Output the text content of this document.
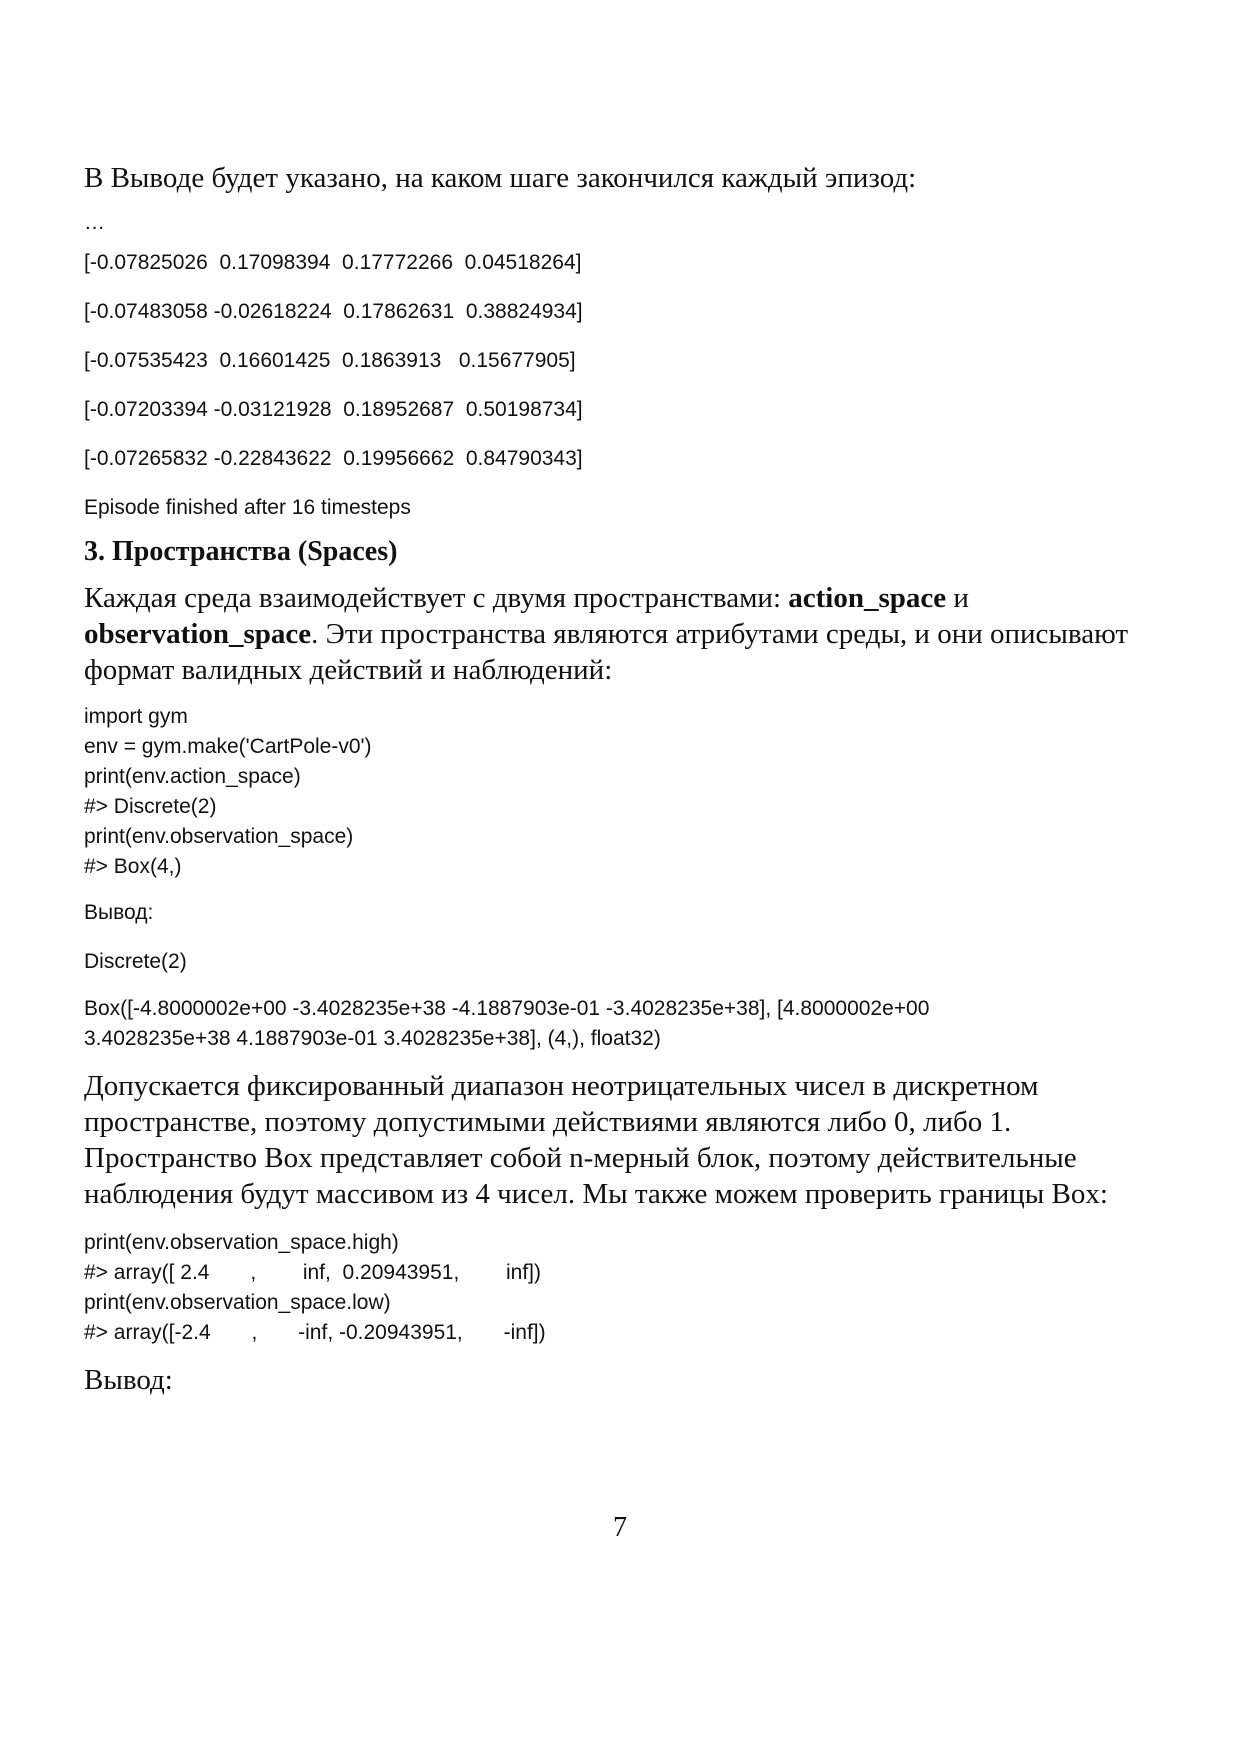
В Выводе будет указано, на каком шаге закончился каждый эпизод:

…

[-0.07825026  0.17098394  0.17772266  0.04518264]

[-0.07483058 -0.02618224  0.17862631  0.38824934]

[-0.07535423  0.16601425  0.1863913   0.15677905]

[-0.07203394 -0.03121928  0.18952687  0.50198734]

[-0.07265832 -0.22843622  0.19956662  0.84790343]

Episode finished after 16 timesteps

3. Пространства (Spaces)

Каждая среда взаимодействует с двумя пространствами: action_space и
observation_space. Эти пространства являются атрибутами среды, и они описывают формат валидных действий и наблюдений:

import gym
env = gym.make('CartPole-v0')
print(env.action_space)
#> Discrete(2)
print(env.observation_space)
#> Box(4,)

Вывод:

Discrete(2)

Box([-4.8000002e+00 -3.4028235e+38 -4.1887903e-01 -3.4028235e+38], [4.8000002e+00
3.4028235e+38 4.1887903e-01 3.4028235e+38], (4,), float32)
Допускается фиксированный диапазон неотрицательных чисел в дискретном
пространстве, поэтому допустимыми действиями являются либо 0, либо 1.
Пространство Box представляет собой n-мерный блок, поэтому действительные
наблюдения будут массивом из 4 чисел. Мы также можем проверить границы Box:
print(env.observation_space.high)
#> array([ 2.4       ,        inf,  0.20943951,        inf])
print(env.observation_space.low)
#> array([-2.4       ,       -inf, -0.20943951,       -inf])

Вывод:

7
